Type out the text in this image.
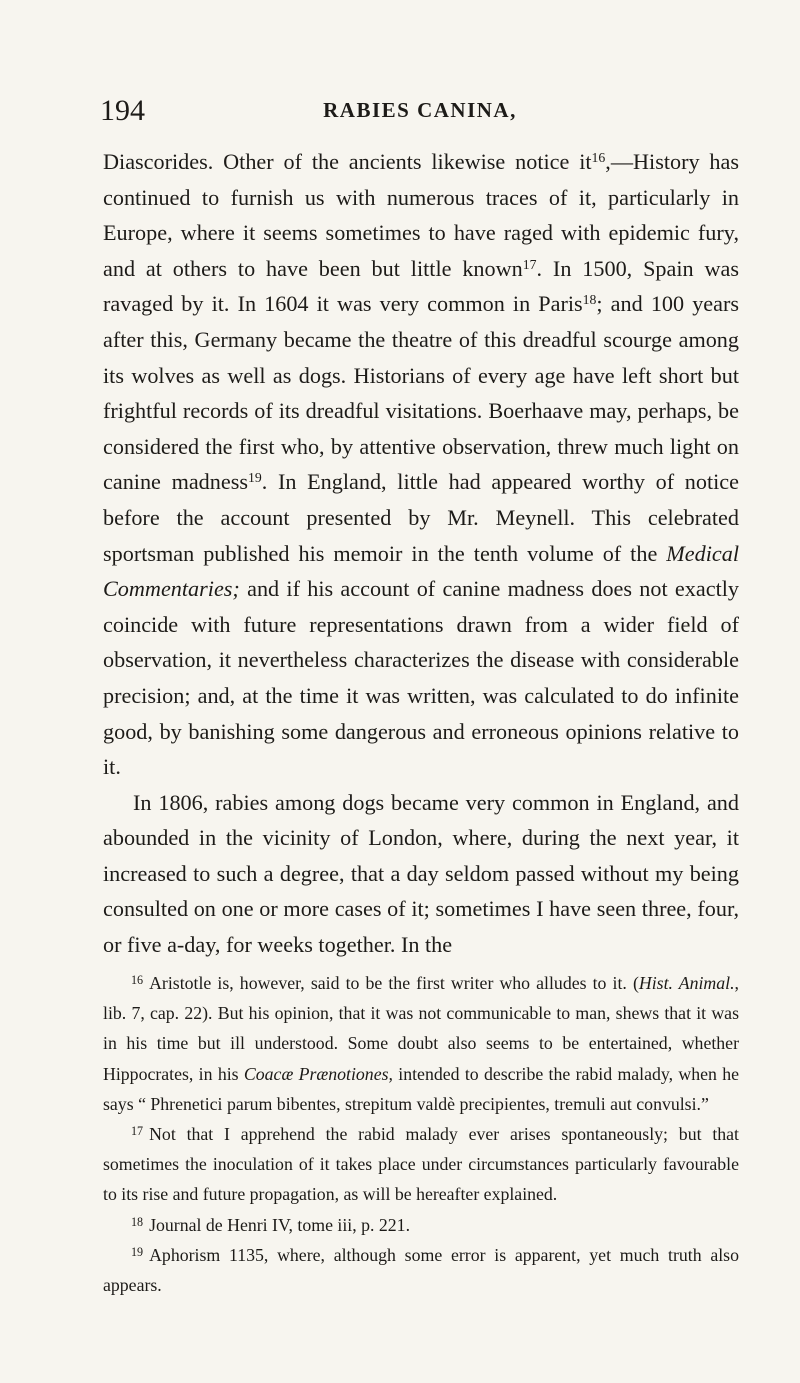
194	RABIES CANINA,

Diascorides. Other of the ancients likewise notice $it^{16},—History$ has continued to furnish us with numerous traces of it, particularly in Europe, where it seems sometimes to have raged with epidemic fury, and at others to have been but little known$^{17}$. In 1500, Spain was ravaged by it. In 1604 it was very common in Paris$^{18}$; and 100 years after this, Germany became the theatre of this dreadful scourge among its wolves as well as dogs. Historians of every age have left short but frightful records of its dreadful visitations. Boerhaave may, perhaps, be considered the first who, by attentive observation, threw much light on canine madness$^{19}$. In England, little had appeared worthy of notice before the account presented by Mr. Meynell. This celebrated sportsman published his memoir in the tenth volume of the Medical Commentaries; and if his account of canine madness does not exactly coincide with future representations drawn from a wider field of observation, it nevertheless characterizes the disease with considerable precision; and, at the time it was written, was calculated to do infinite good, by banishing some dangerous and erroneous opinions relative to it.

In 1806, rabies among dogs became very common in England, and abounded in the vicinity of London, where, during the next year, it increased to such a degree, that a day seldom passed without my being consulted on one or more cases of it; sometimes I have seen three, four, or five a-day, for weeks together. In the

$^{16}$ Aristotle is, however, said to be the first writer who alludes to it. (Hist. Animal., lib. 7, cap. 22). But his opinion, that it was not communicable to man, shews that it was in his time but ill understood. Some doubt also seems to be entertained, whether Hippocrates, in his Coacæ Prænotiones, intended to describe the rabid malady, when he says “ Phrenetici parum bibentes, strepitum valdè precipientes, tremuli aut convulsi.”

$^{17}$ Not that I apprehend the rabid malady ever arises spontaneously; but that sometimes the inoculation of it takes place under circumstances particularly favourable to its rise and future propagation, as will be hereafter explained.

$^{18}$ Journal de Henri IV, tome iii, p. 221.

$^{19}$ Aphorism 1135, where, although some error is apparent, yet much truth also appears.
